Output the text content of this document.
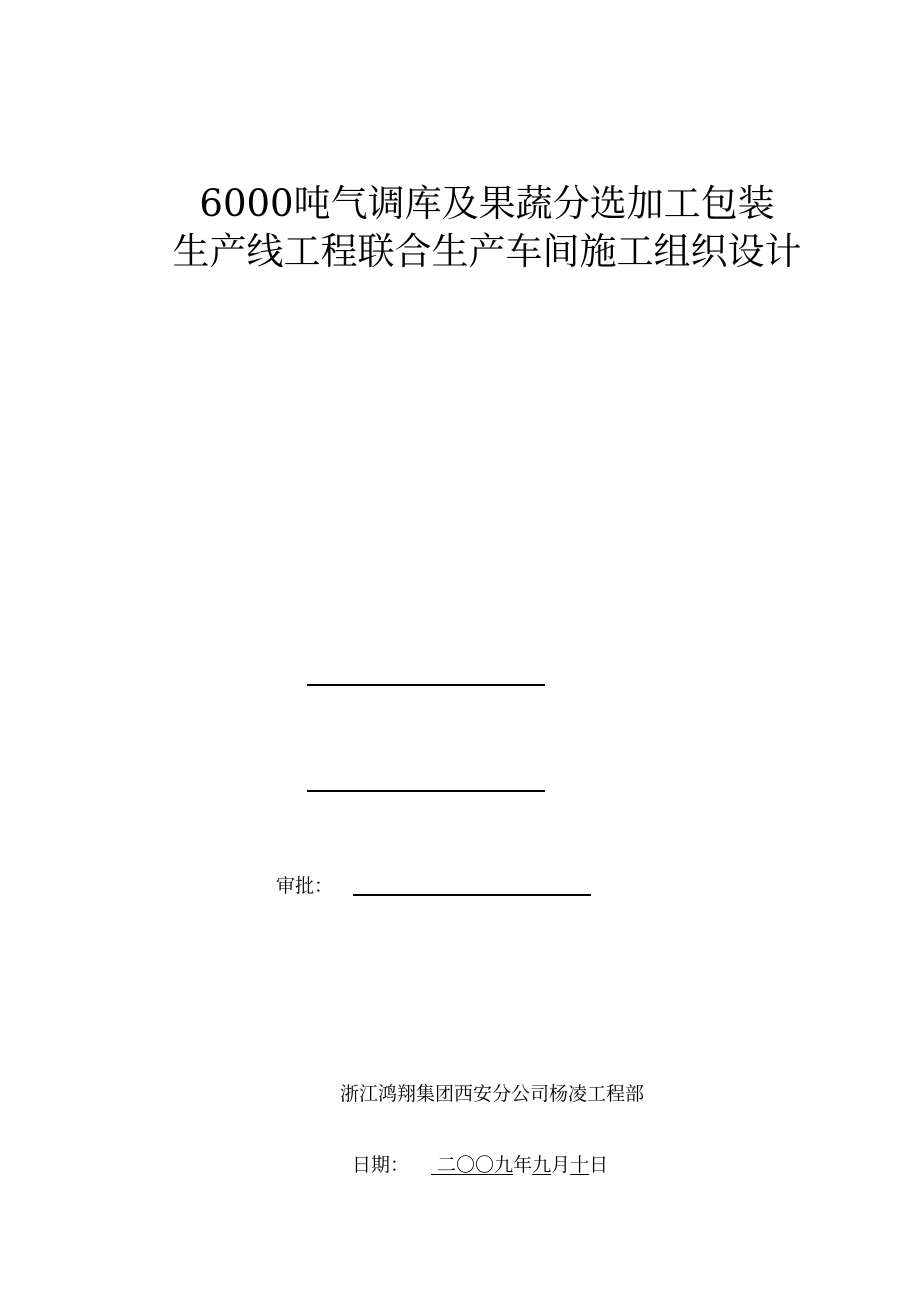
6000吨气调库及果蔬分选加工包装
生产线工程联合生产车间施工组织设计
审批：
浙江鸿翔集团西安分公司杨凌工程部
日期： 二〇〇九年九月十日
